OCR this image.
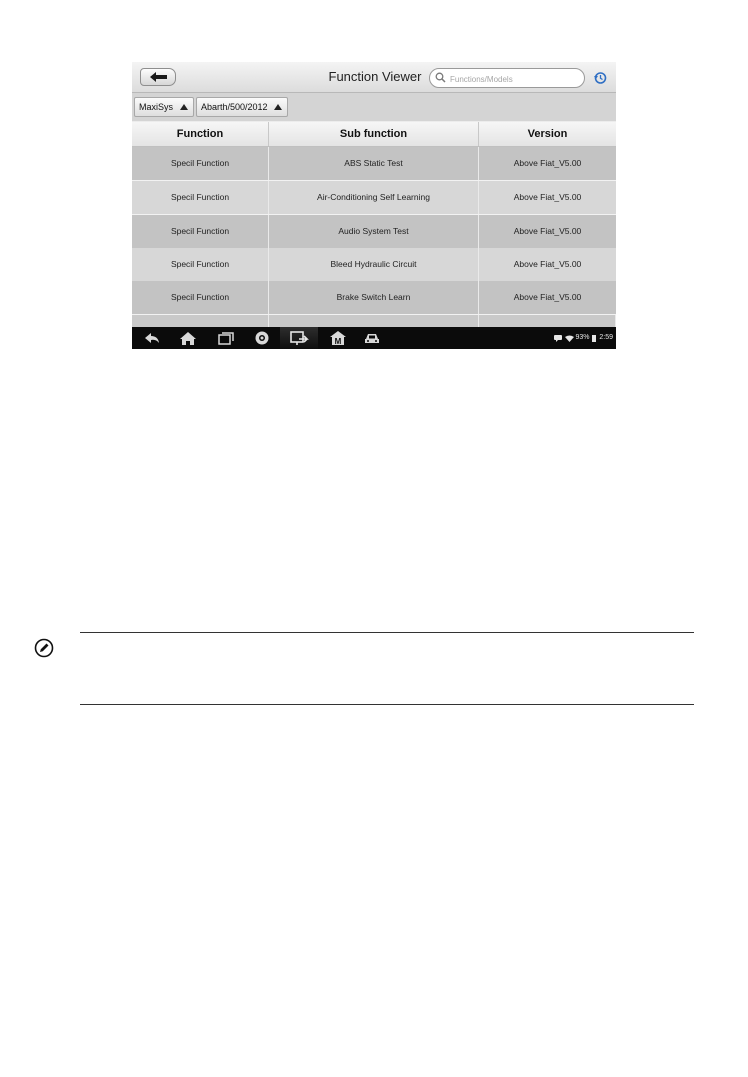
Function Viewer
Functions/Models
MaxiSys	Abarth/500/2012
Function	Sub function	Version
Specil Function	ABS Static Test	Above Fiat_V5.00
Specil Function	Air-Conditioning Self Learning	Above Fiat_V5.00
Specil Function	Audio System Test	Above Fiat_V5.00
Specil Function	Bleed Hydraulic Circuit	Above Fiat_V5.00
Specil Function	Brake Switch Learn	Above Fiat_V5.00
M	93% 2:59
